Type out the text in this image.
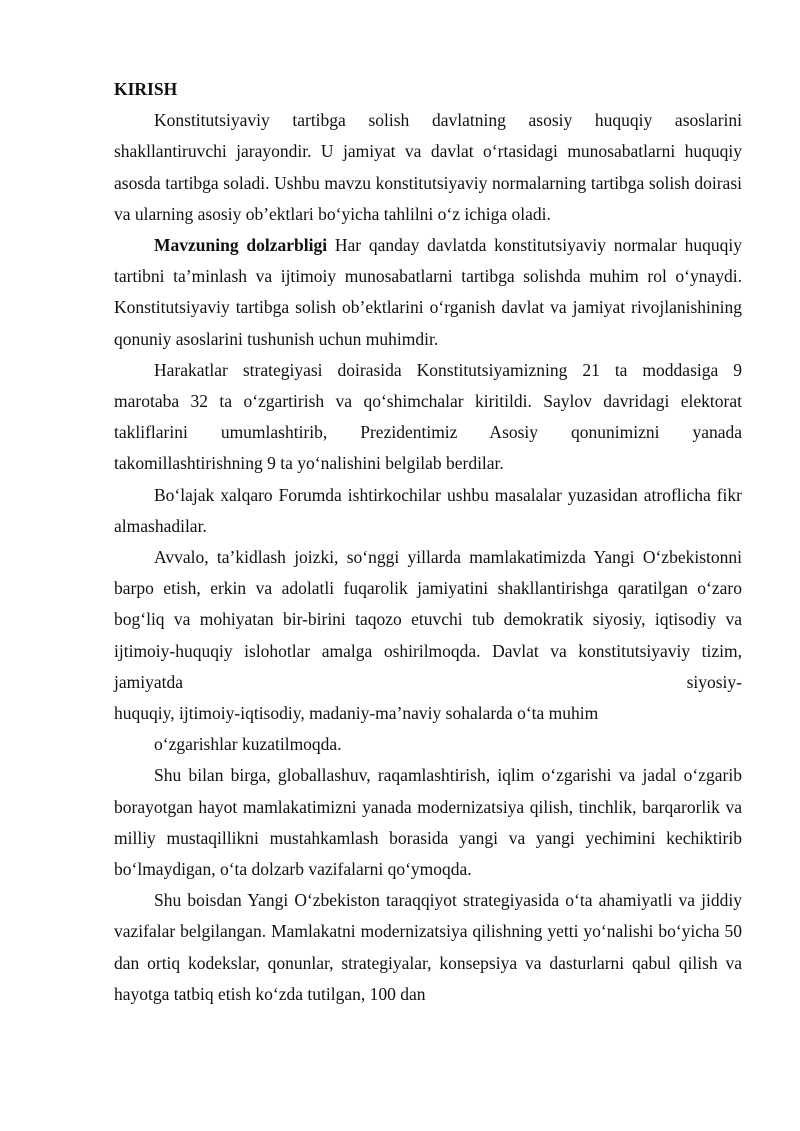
KIRISH

Konstitutsiyaviy tartibga solish davlatning asosiy huquqiy asoslarini shakllantiruvchi jarayondir. U jamiyat va davlat o‘rtasidagi munosabatlarni huquqiy asosda tartibga soladi. Ushbu mavzu konstitutsiyaviy normalarning tartibga solish doirasi va ularning asosiy ob’ektlari bo‘yicha tahlilni o‘z ichiga oladi.

Mavzuning dolzarbligi Har qanday davlatda konstitutsiyaviy normalar huquqiy tartibni ta’minlash va ijtimoiy munosabatlarni tartibga solishda muhim rol o‘ynaydi. Konstitutsiyaviy tartibga solish ob’ektlarini o‘rganish davlat va jamiyat rivojlanishining qonuniy asoslarini tushunish uchun muhimdir.

Harakatlar strategiyasi doirasida Konstitutsiyamizning 21 ta moddasiga 9
marotaba 32 ta o‘zgartirish va qo‘shimchalar kiritildi. Saylov davridagi elektorat
takliflarini umumlashtirib, Prezidentimiz Asosiy qonunimizni yanada
takomillashtirishning 9 ta yo‘nalishini belgilab berdilar.

Bo‘lajak xalqaro Forumda ishtirkochilar ushbu masalalar yuzasidan atroflicha fikr almashadilar.

Avvalo, ta’kidlash joizki, so‘nggi yillarda mamlakatimizda Yangi O‘zbekistonni barpo etish, erkin va adolatli fuqarolik jamiyatini shakllantirishga qaratilgan o‘zaro bog‘liq va mohiyatan bir-birini taqozo etuvchi tub demokratik siyosiy, iqtisodiy va ijtimoiy-huquqiy islohotlar amalga oshirilmoqda. Davlat va konstitutsiyaviy tizim, jamiyatda siyosiy-

huquqiy, ijtimoiy-iqtisodiy, madaniy-ma’naviy sohalarda o‘ta muhim
o‘zgarishlar kuzatilmoqda.

Shu bilan birga, globallashuv, raqamlashtirish, iqlim o‘zgarishi va jadal o‘zgarib borayotgan hayot mamlakatimizni yanada modernizatsiya qilish, tinchlik, barqarorlik va milliy mustaqillikni mustahkamlash borasida yangi va yangi yechimini kechiktirib bo‘lmaydigan, o‘ta dolzarb vazifalarni qo‘ymoqda.

Shu boisdan Yangi O‘zbekiston taraqqiyot strategiyasida o‘ta ahamiyatli va jiddiy vazifalar belgilangan. Mamlakatni modernizatsiya qilishning yetti yo‘nalishi bo‘yicha 50 dan ortiq kodekslar, qonunlar, strategiyalar, konsepsiya va dasturlarni qabul qilish va hayotga tatbiq etish ko‘zda tutilgan, 100 dan
